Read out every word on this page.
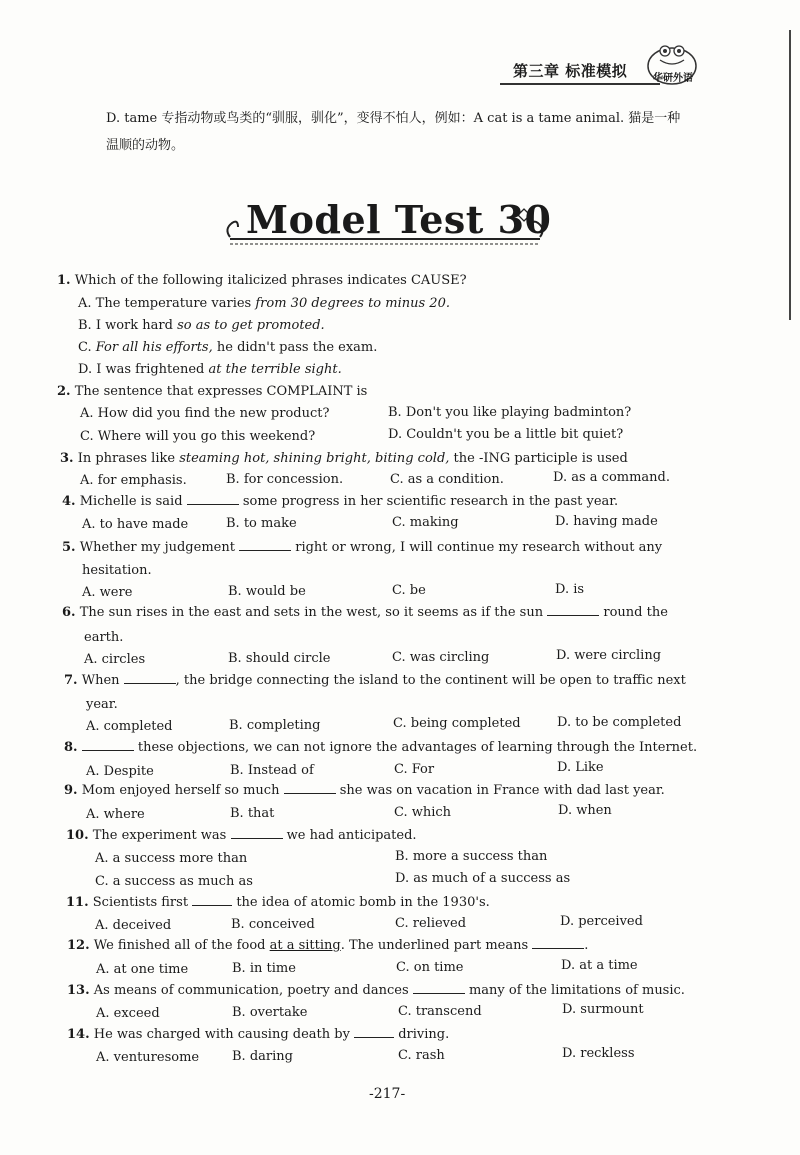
第三章 标准模拟	华研外语
D. tame 专指动物或鸟类的“驯服，驯化”，变得不怕人，例如：A cat is a tame animal. 猫是一种
温顺的动物。
Model Test 30
1. Which of the following italicized phrases indicates CAUSE?
A. The temperature varies from 30 degrees to minus 20.
B. I work hard so as to get promoted.
C. For all his efforts, he didn't pass the exam.
D. I was frightened at the terrible sight.
2. The sentence that expresses COMPLAINT is
A. How did you find the new product?	B. Don't you like playing badminton?
C. Where will you go this weekend?	D. Couldn't you be a little bit quiet?
3. In phrases like steaming hot, shining bright, biting cold, the -ING participle is used
A. for emphasis.	B. for concession.	C. as a condition.	D. as a command.
4. Michelle is said	some progress in her scientific research in the past year.
A. to have made	B. to make	C. making	D. having made
5. Whether my judgement	right or wrong, I will continue my research without any
hesitation.
A. were	B. would be	C. be	D. is
6. The sun rises in the east and sets in the west, so it seems as if the sun	round the
earth.
A. circles	B. should circle	C. was circling	D. were circling
7. When	, the bridge connecting the island to the continent will be open to traffic next
year.
A. completed	B. completing	C. being completed	D. to be completed
8.	these objections, we can not ignore the advantages of learning through the Internet.
A. Despite	B. Instead of	C. For	D. Like
9. Mom enjoyed herself so much	she was on vacation in France with dad last year.
A. where	B. that	C. which	D. when
10. The experiment was	we had anticipated.
A. a success more than	B. more a success than
C. a success as much as	D. as much of a success as
11. Scientists first	the idea of atomic bomb in the 1930's.
A. deceived	B. conceived	C. relieved	D. perceived
12. We finished all of the food at a sitting. The underlined part means	.
A. at one time	B. in time	C. on time	D. at a time
13. As means of communication, poetry and dances	many of the limitations of music.
A. exceed	B. overtake	C. transcend	D. surmount
14. He was charged with causing death by	driving.
A. venturesome	B. daring	C. rash	D. reckless
-217-
